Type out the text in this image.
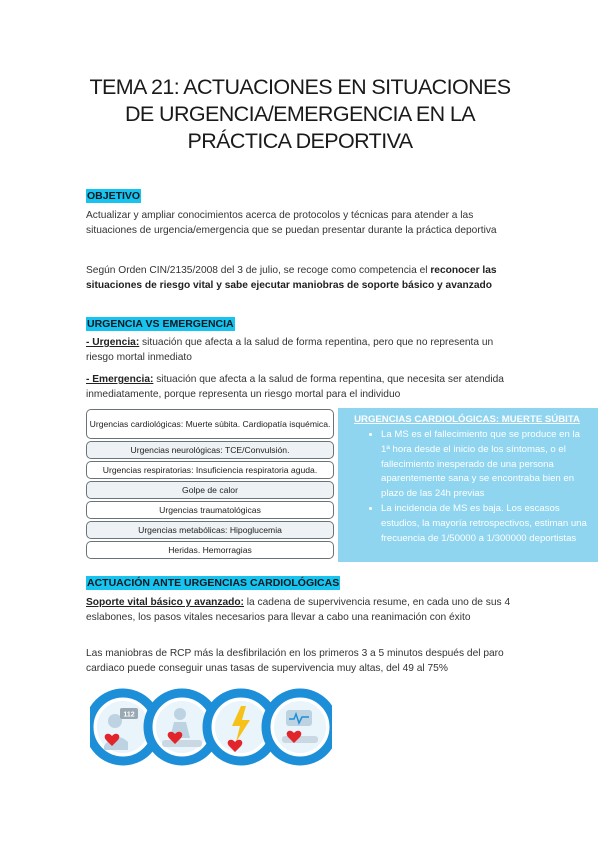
TEMA 21: ACTUACIONES EN SITUACIONES
DE URGENCIA/EMERGENCIA EN LA
PRÁCTICA DEPORTIVA
OBJETIVO
Actualizar y ampliar conocimientos acerca de protocolos y técnicas para atender a las situaciones de urgencia/emergencia que se puedan presentar durante la práctica deportiva
Según Orden CIN/2135/2008 del 3 de julio, se recoge como competencia el reconocer las situaciones de riesgo vital y sabe ejecutar maniobras de soporte básico y avanzado
URGENCIA VS EMERGENCIA
- Urgencia: situación que afecta a la salud de forma repentina, pero que no representa un riesgo mortal inmediato
- Emergencia: situación que afecta a la salud de forma repentina, que necesita ser atendida inmediatamente, porque representa un riesgo mortal para el individuo
Urgencias cardiológicas: Muerte súbita. Cardiopatía isquémica.
Urgencias neurológicas: TCE/Convulsión.
Urgencias respiratorias: Insuficiencia respiratoria aguda.
Golpe de calor
Urgencias traumatológicas
Urgencias metabólicas: Hipoglucemia
Heridas. Hemorragias
URGENCIAS CARDIOLÓGICAS: MUERTE SÚBITA
• La MS es el fallecimiento que se produce en la 1ª hora desde el inicio de los síntomas, o el fallecimiento inesperado de una persona aparentemente sana y se encontraba bien en plazo de las 24h previas
• La incidencia de MS es baja. Los escasos estudios, la mayoría retrospectivos, estiman una frecuencia de 1/50000 a 1/300000 deportistas
ACTUACIÓN ANTE URGENCIAS CARDIOLÓGICAS
Soporte vital básico y avanzado: la cadena de supervivencia resume, en cada uno de sus 4 eslabones, los pasos vitales necesarios para llevar a cabo una reanimación con éxito
Las maniobras de RCP más la desfibrilación en los primeros 3 a 5 minutos después del paro cardiaco puede conseguir unas tasas de supervivencia muy altas, del 49 al 75%
112
